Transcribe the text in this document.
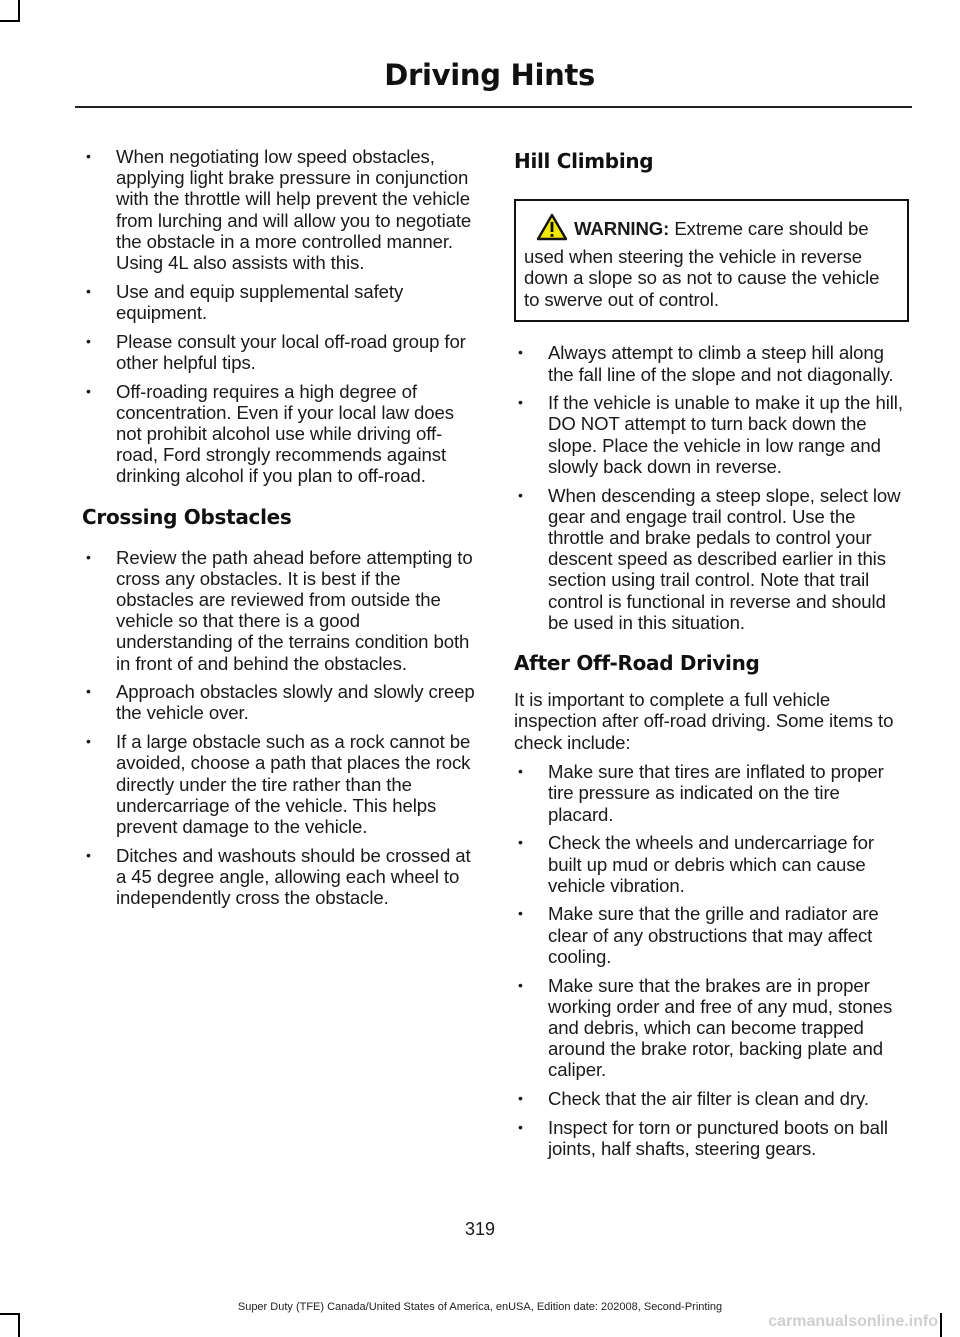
Driving Hints
• When negotiating low speed obstacles, applying light brake pressure in conjunction with the throttle will help prevent the vehicle from lurching and will allow you to negotiate the obstacle in a more controlled manner. Using 4L also assists with this.
• Use and equip supplemental safety equipment.
• Please consult your local off-road group for other helpful tips.
• Off-roading requires a high degree of concentration. Even if your local law does not prohibit alcohol use while driving off-road, Ford strongly recommends against drinking alcohol if you plan to off-road.
Crossing Obstacles
• Review the path ahead before attempting to cross any obstacles. It is best if the obstacles are reviewed from outside the vehicle so that there is a good understanding of the terrains condition both in front of and behind the obstacles.
• Approach obstacles slowly and slowly creep the vehicle over.
• If a large obstacle such as a rock cannot be avoided, choose a path that places the rock directly under the tire rather than the undercarriage of the vehicle. This helps prevent damage to the vehicle.
• Ditches and washouts should be crossed at a 45 degree angle, allowing each wheel to independently cross the obstacle.
Hill Climbing
WARNING: Extreme care should be used when steering the vehicle in reverse down a slope so as not to cause the vehicle to swerve out of control.
• Always attempt to climb a steep hill along the fall line of the slope and not diagonally.
• If the vehicle is unable to make it up the hill, DO NOT attempt to turn back down the slope. Place the vehicle in low range and slowly back down in reverse.
• When descending a steep slope, select low gear and engage trail control. Use the throttle and brake pedals to control your descent speed as described earlier in this section using trail control. Note that trail control is functional in reverse and should be used in this situation.
After Off-Road Driving

It is important to complete a full vehicle inspection after off-road driving. Some items to check include:

• Make sure that tires are inflated to proper tire pressure as indicated on the tire placard.
• Check the wheels and undercarriage for built up mud or debris which can cause vehicle vibration.
• Make sure that the grille and radiator are clear of any obstructions that may affect cooling.
• Make sure that the brakes are in proper working order and free of any mud, stones and debris, which can become trapped around the brake rotor, backing plate and caliper.
• Check that the air filter is clean and dry.
• Inspect for torn or punctured boots on ball joints, half shafts, steering gears.
319
Super Duty (TFE) Canada/United States of America, enUSA, Edition date: 202008, Second-Printing
carmanualsonline.info
